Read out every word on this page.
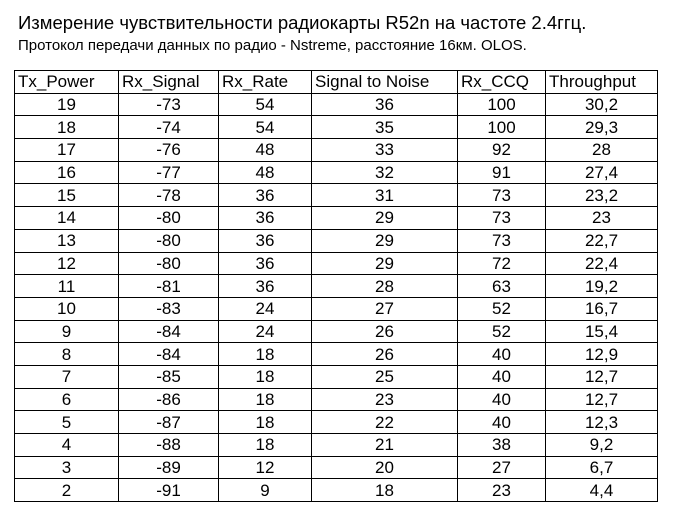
Измерение чувствительности радиокарты R52n на частоте 2.4ггц.
Протокол передачи данных по радио - Nstreme, расстояние 16км. OLOS.
Tx_Power	Rx_Signal	Rx_Rate	Signal to Noise	Rx_CCQ	Throughput
19	-73	54	36	100	30,2
18	-74	54	35	100	29,3
17	-76	48	33	92	28
16	-77	48	32	91	27,4
15	-78	36	31	73	23,2
14	-80	36	29	73	23
13	-80	36	29	73	22,7
12	-80	36	29	72	22,4
11	-81	36	28	63	19,2
10	-83	24	27	52	16,7
9	-84	24	26	52	15,4
8	-84	18	26	40	12,9
7	-85	18	25	40	12,7
6	-86	18	23	40	12,7
5	-87	18	22	40	12,3
4	-88	18	21	38	9,2
3	-89	12	20	27	6,7
2	-91	9	18	23	4,4
